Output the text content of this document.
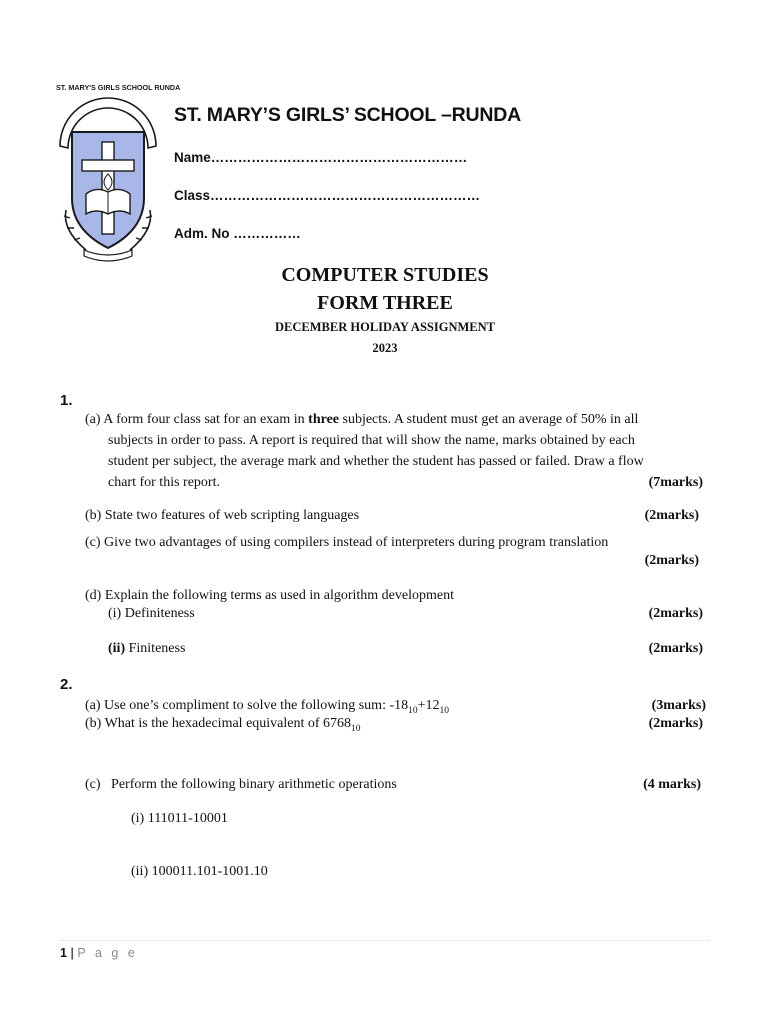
ST. MARY'S GIRLS SCHOOL RUNDA
ST. MARY’S GIRLS’ SCHOOL –RUNDA
Name…………………………………………………
Class……………………………………………………
Adm. No ……………
COMPUTER STUDIES
FORM THREE
DECEMBER HOLIDAY ASSIGNMENT
2023
1.
(a) A form four class sat for an exam in three subjects. A student must get an average of 50% in all
subjects in order to pass. A report is required that will show the name, marks obtained by each
student per subject, the average mark and whether the student has passed or failed. Draw a flow
chart for this report.	(7marks)
(b) State two features of web scripting languages	(2marks)
(c) Give two advantages of using compilers instead of interpreters during program translation
(2marks)
(d) Explain the following terms as used in algorithm development
(i) Definiteness	(2marks)
(ii) Finiteness	(2marks)
2.
(a) Use one’s compliment to solve the following sum: $-18_{10}+12_{10}$	(3marks)
(b) What is the hexadecimal equivalent of $6768_{10}$	(2marks)
(c) Perform the following binary arithmetic operations	(4 marks)
(i) 111011-10001
(ii) 100011.101-1001.10
1 | P a g e
